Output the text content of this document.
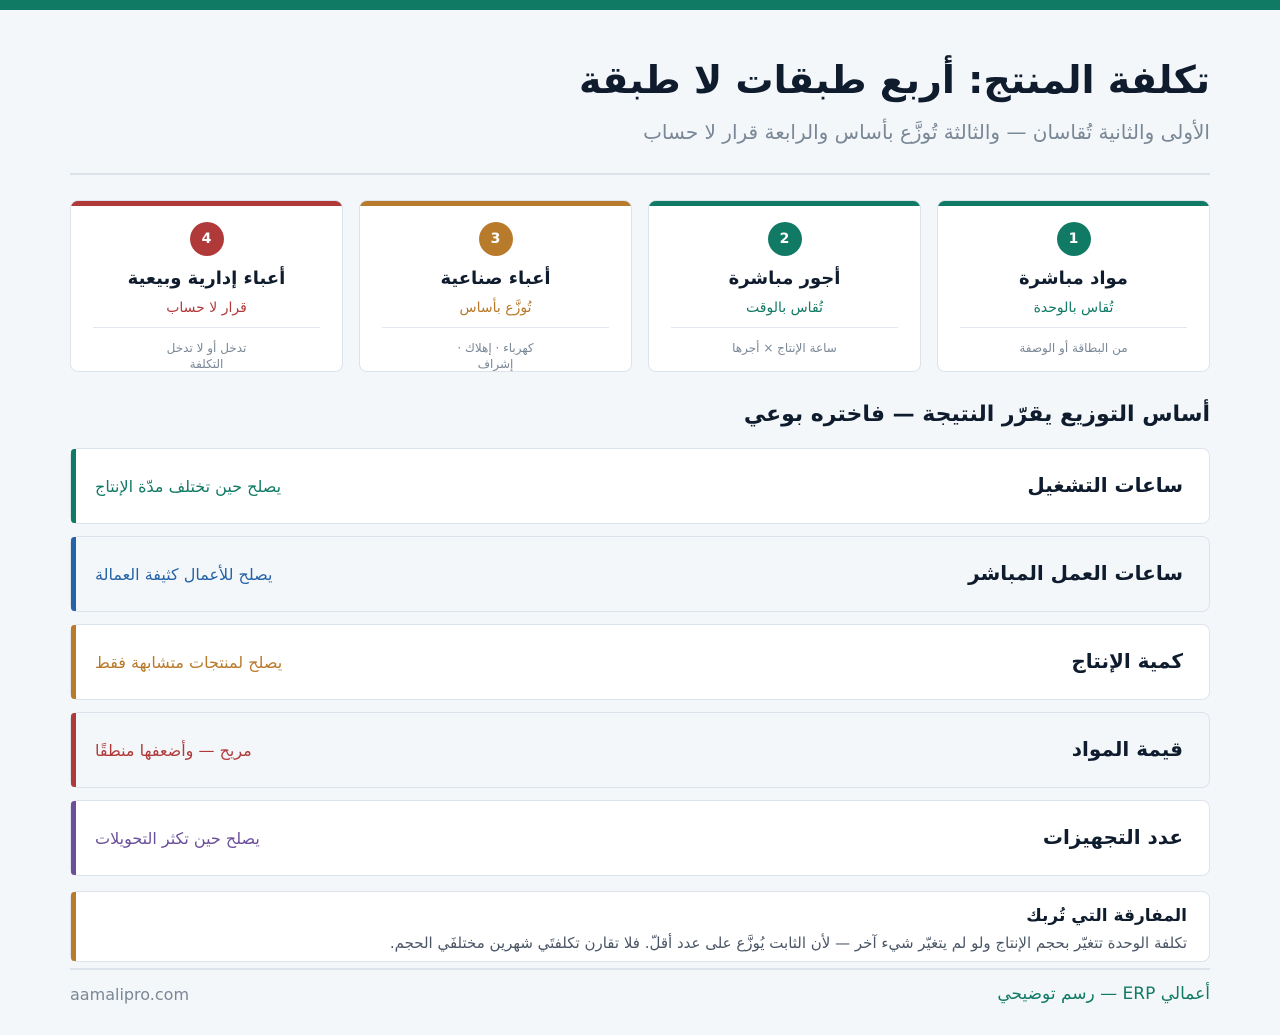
تكلفة المنتج: أربع طبقات لا طبقة
الأولى والثانية تُقاسان — والثالثة تُوزَّع بأساس والرابعة قرار لا حساب
1
مواد مباشرة
تُقاس بالوحدة
من البطاقة أو الوصفة
2
أجور مباشرة
تُقاس بالوقت
ساعة الإنتاج × أجرها
3
أعباء صناعية
تُوزَّع بأساس
كهرباء · إهلاك · إشراف
4
أعباء إدارية وبيعية
قرار لا حساب
تدخل أو لا تدخل التكلفة
أساس التوزيع يقرّر النتيجة — فاختره بوعي
ساعات التشغيل
يصلح حين تختلف مدّة الإنتاج
ساعات العمل المباشر
يصلح للأعمال كثيفة العمالة
كمية الإنتاج
يصلح لمنتجات متشابهة فقط
قيمة المواد
مريح — وأضعفها منطقًا
عدد التجهيزات
يصلح حين تكثر التحويلات
المفارقة التي تُربك
تكلفة الوحدة تتغيّر بحجم الإنتاج ولو لم يتغيّر شيء آخر — لأن الثابت يُوزَّع على عدد أقلّ. فلا تقارن تكلفتَي شهرين مختلفَي الحجم.
aamalipro.com	أعمالي ERP — رسم توضيحي
